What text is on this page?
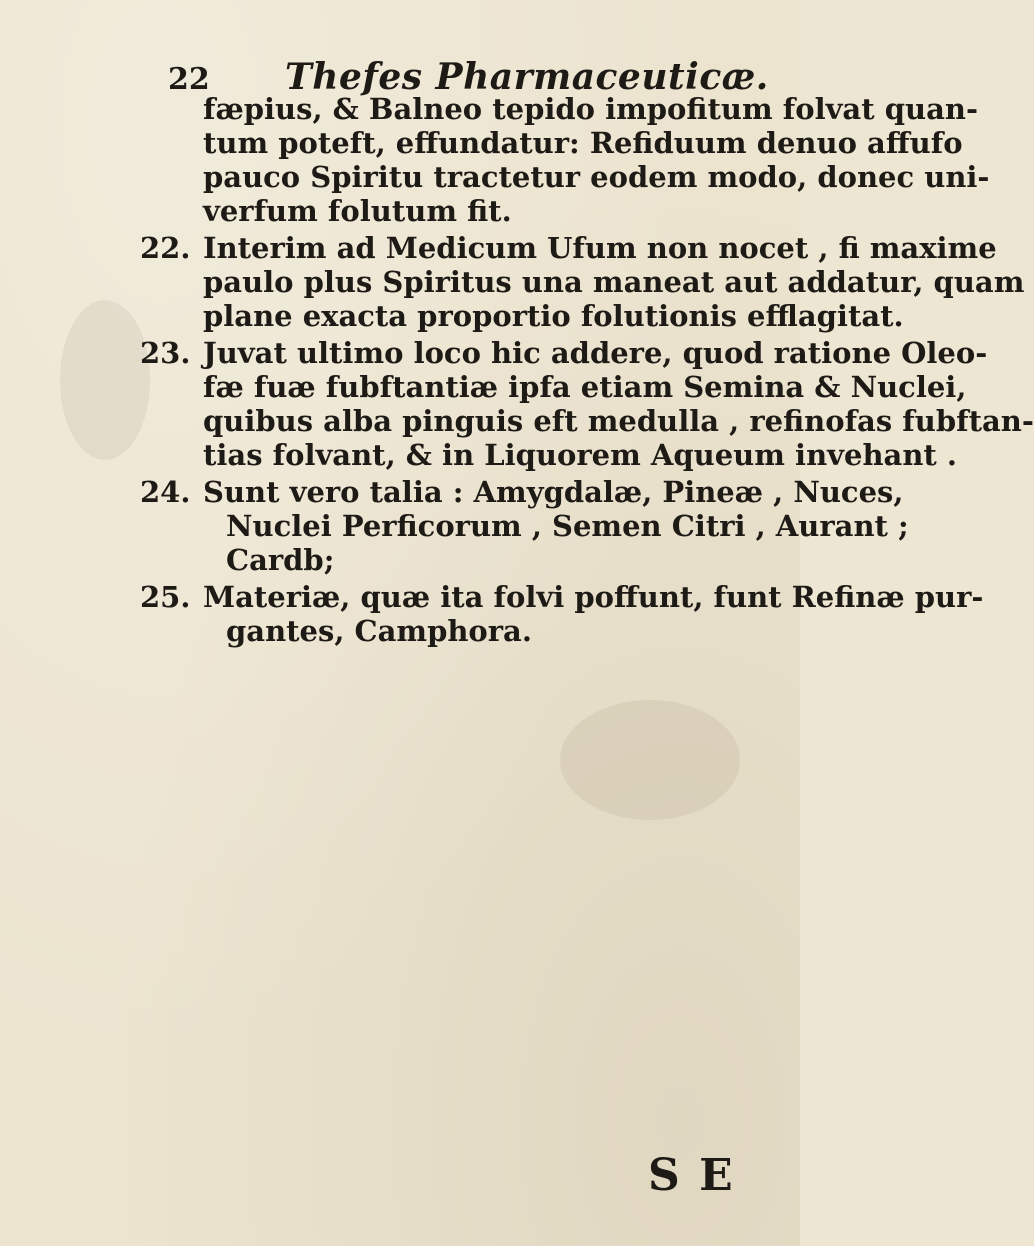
22 Thefes Pharmaceuticæ.
fæpius, & Balneo tepido impofitum folvat quan-
tum poteft, effundatur: Refiduum denuo affufo
pauco Spiritu tractetur eodem modo, donec uni-
verfum folutum fit.
22. Interim ad Medicum Ufum non nocet , fi maxime
paulo plus Spiritus una maneat aut addatur, quam
plane exacta proportio folutionis efflagitat.
23. Juvat ultimo loco hic addere, quod ratione Oleo-
fæ fuæ fubftantiæ ipfa etiam Semina & Nuclei,
quibus alba pinguis eft medulla , refinofas fubftan-
tias folvant, & in Liquorem Aqueum invehant .
24. Sunt vero talia : Amygdalæ, Pineæ , Nuces,
Nuclei Perficorum , Semen Citri , Aurant ;
Cardb;
25. Materiæ, quæ ita folvi poffunt, funt Refinæ pur-
gantes, Camphora.
S E
